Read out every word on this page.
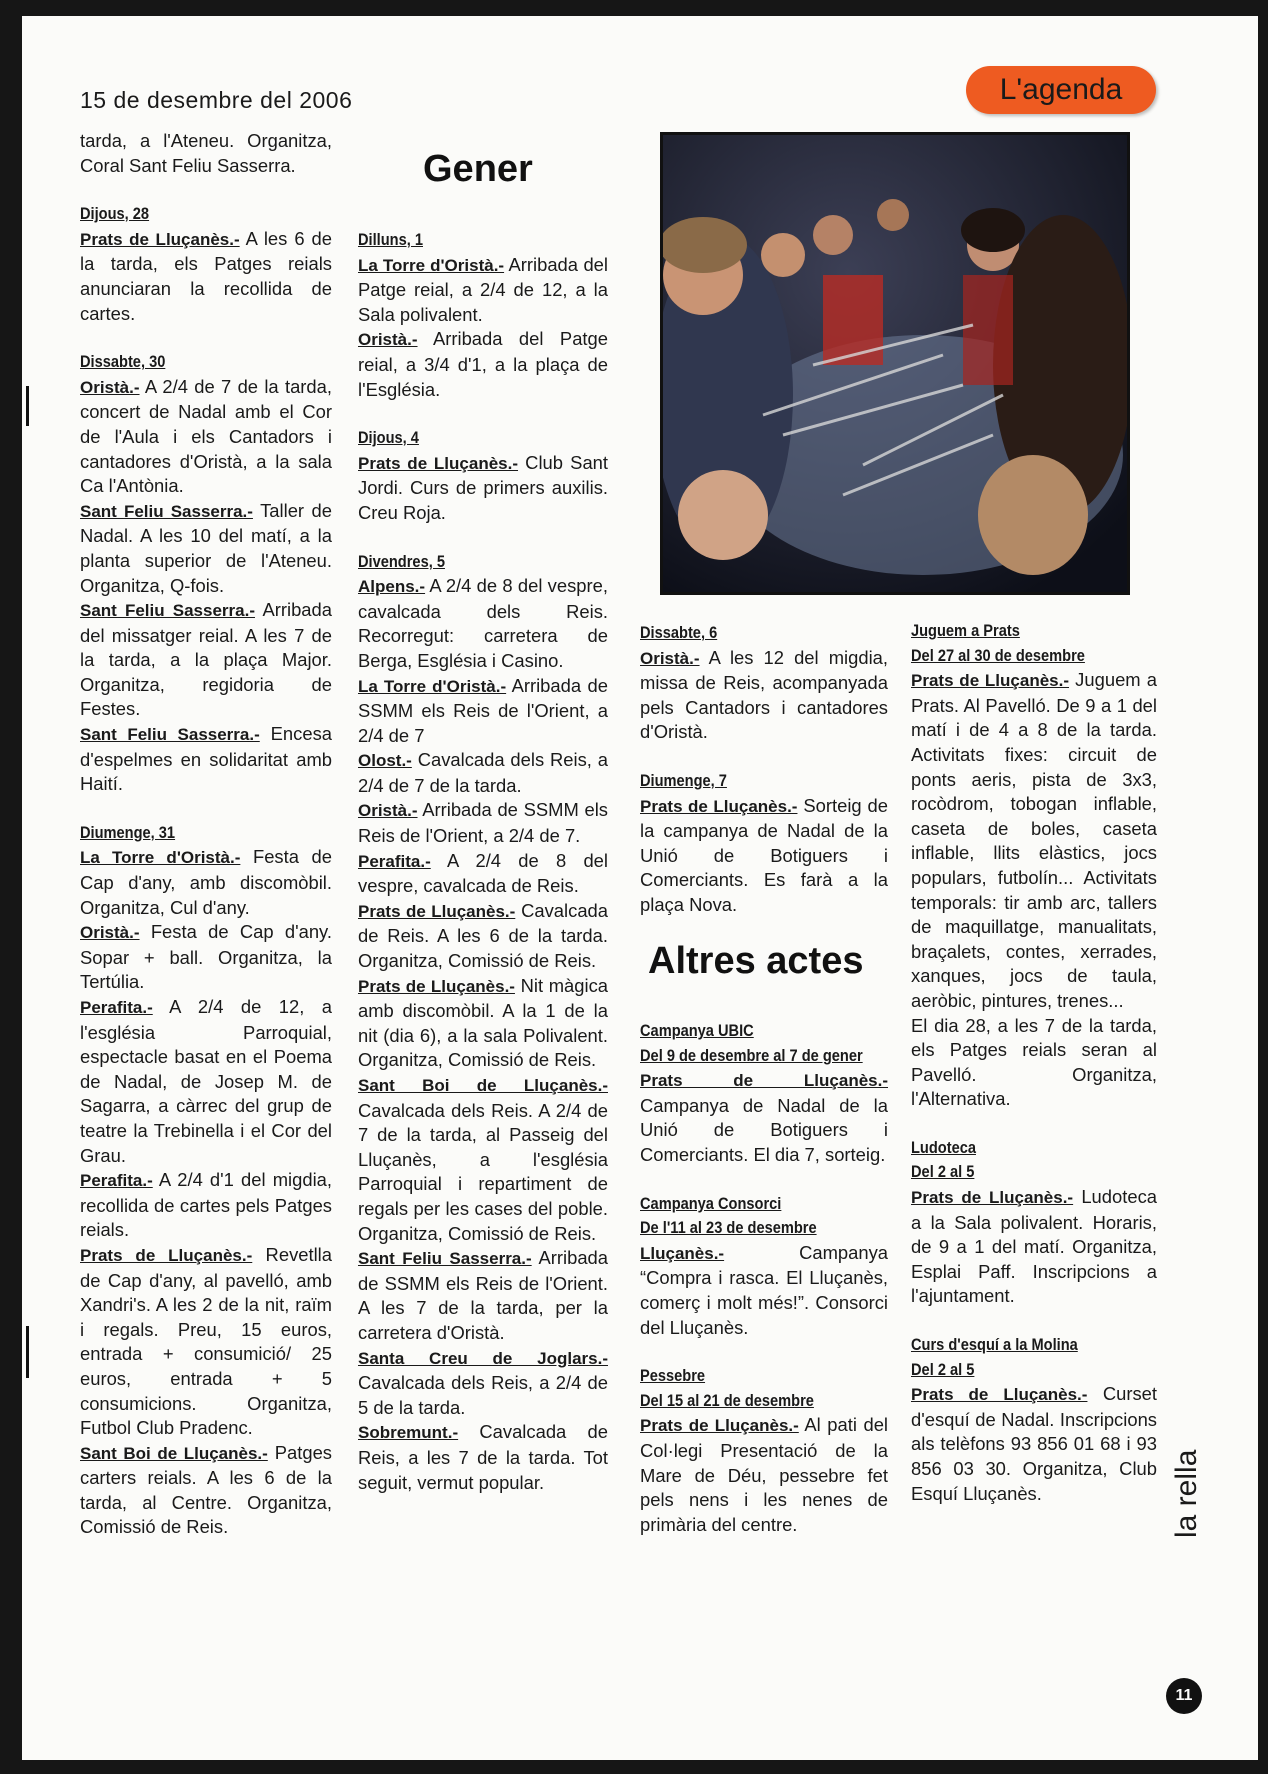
15 de desembre del 2006	L'agenda

tarda, a l'Ateneu. Organitza, Coral Sant Feliu Sasserra.

Dijous, 28

Prats de Lluçanès.- A les 6 de la tarda, els Patges reials anunciaran la recollida de cartes.

Dissabte, 30

Oristà.- A 2/4 de 7 de la tarda, concert de Nadal amb el Cor de l'Aula i els Cantadors i cantadores d'Oristà, a la sala Ca l'Antònia.

Sant Feliu Sasserra.- Taller de Nadal. A les 10 del matí, a la planta superior de l'Ateneu. Organitza, Q-fois.

Sant Feliu Sasserra.- Arribada del missatger reial. A les 7 de la tarda, a la plaça Major. Organitza, regidoria de Festes.

Sant Feliu Sasserra.- Encesa d'espelmes en solidaritat amb Haití.

Diumenge, 31

La Torre d'Oristà.- Festa de Cap d'any, amb discomòbil. Organitza, Cul d'any.

Oristà.- Festa de Cap d'any. Sopar + ball. Organitza, la Tertúlia.

Perafita.- A 2/4 de 12, a l'església Parroquial, espectacle basat en el Poema de Nadal, de Josep M. de Sagarra, a càrrec del grup de teatre la Trebinella i el Cor del Grau.

Perafita.- A 2/4 d'1 del migdia, recollida de cartes pels Patges reials.

Prats de Lluçanès.- Revetlla de Cap d'any, al pavelló, amb Xandri's. A les 2 de la nit, raïm i regals. Preu, 15 euros, entrada + consumició/ 25 euros, entrada + 5 consumicions. Organitza, Futbol Club Pradenc.

Sant Boi de Lluçanès.- Patges carters reials. A les 6 de la tarda, al Centre. Organitza, Comissió de Reis.

Gener

Dilluns, 1

La Torre d'Oristà.- Arribada del Patge reial, a 2/4 de 12, a la Sala polivalent.

Oristà.- Arribada del Patge reial, a 3/4 d'1, a la plaça de l'Església.

Dijous, 4

Prats de Lluçanès.- Club Sant Jordi. Curs de primers auxilis. Creu Roja.

Divendres, 5

Alpens.- A 2/4 de 8 del vespre, cavalcada dels Reis. Recorregut: carretera de Berga, Església i Casino.

La Torre d'Oristà.- Arribada de SSMM els Reis de l'Orient, a 2/4 de 7

Olost.- Cavalcada dels Reis, a 2/4 de 7 de la tarda.

Oristà.- Arribada de SSMM els Reis de l'Orient, a 2/4 de 7.

Perafita.- A 2/4 de 8 del vespre, cavalcada de Reis.

Prats de Lluçanès.- Cavalcada de Reis. A les 6 de la tarda. Organitza, Comissió de Reis.

Prats de Lluçanès.- Nit màgica amb discomòbil. A la 1 de la nit (dia 6), a la sala Polivalent. Organitza, Comissió de Reis.

Sant Boi de Lluçanès.- Cavalcada dels Reis. A 2/4 de 7 de la tarda, al Passeig del Lluçanès, a l'església Parroquial i repartiment de regals per les cases del poble. Organitza, Comissió de Reis.

Sant Feliu Sasserra.- Arribada de SSMM els Reis de l'Orient. A les 7 de la tarda, per la carretera d'Oristà.

Santa Creu de Joglars.- Cavalcada dels Reis, a 2/4 de 5 de la tarda.

Sobremunt.- Cavalcada de Reis, a les 7 de la tarda. Tot seguit, vermut popular.

Dissabte, 6

Oristà.- A les 12 del migdia, missa de Reis, acompanyada pels Cantadors i cantadores d'Oristà.

Diumenge, 7

Prats de Lluçanès.- Sorteig de la campanya de Nadal de la Unió de Botiguers i Comerciants. Es farà a la plaça Nova.

Altres actes

Campanya UBIC

Del 9 de desembre al 7 de gener

Prats de Lluçanès.- Campanya de Nadal de la Unió de Botiguers i Comerciants. El dia 7, sorteig.

Campanya Consorci

De l'11 al 23 de desembre

Lluçanès.- Campanya “Compra i rasca. El Lluçanès, comerç i molt més!”. Consorci del Lluçanès.

Pessebre

Del 15 al 21 de desembre

Prats de Lluçanès.- Al pati del Col·legi Presentació de la Mare de Déu, pessebre fet pels nens i les nenes de primària del centre.

Juguem a Prats

Del 27 al 30 de desembre

Prats de Lluçanès.- Juguem a Prats. Al Pavelló. De 9 a 1 del matí i de 4 a 8 de la tarda. Activitats fixes: circuit de ponts aeris, pista de 3x3, rocòdrom, tobogan inflable, caseta de boles, caseta inflable, llits elàstics, jocs populars, futbolín... Activitats temporals: tir amb arc, tallers de maquillatge, manualitats, braçalets, contes, xerrades, xanques, jocs de taula, aeròbic, pintures, trenes...

El dia 28, a les 7 de la tarda, els Patges reials seran al Pavelló. Organitza, l'Alternativa.

Ludoteca

Del 2 al 5

Prats de Lluçanès.- Ludoteca a la Sala polivalent. Horaris, de 9 a 1 del matí. Organitza, Esplai Paff. Inscripcions a l'ajuntament.

Curs d'esquí a la Molina

Del 2 al 5

Prats de Lluçanès.- Curset d'esquí de Nadal. Inscripcions als telèfons 93 856 01 68 i 93 856 03 30. Organitza, Club Esquí Lluçanès.	la rella
11
